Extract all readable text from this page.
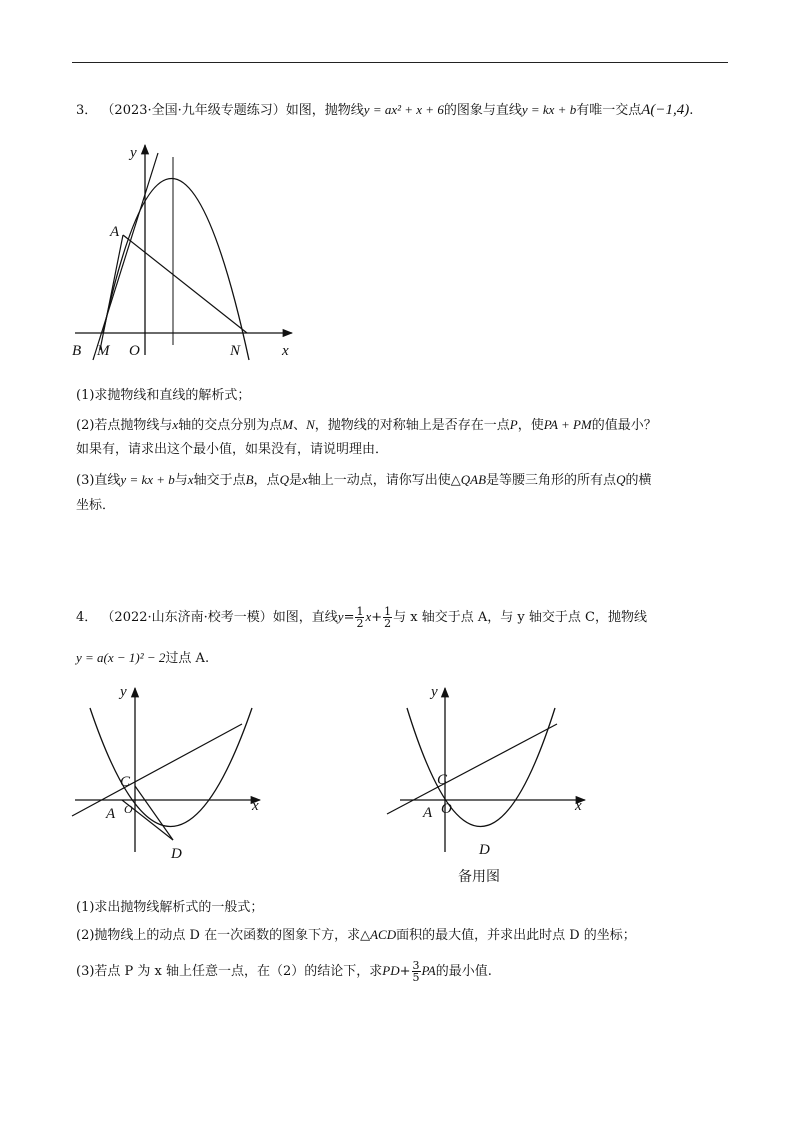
3． （2023·全国·九年级专题练习）如图，抛物线y = ax² + x + 6的图象与直线y = kx + b有唯一交点A(−1,4).
y
A
B M O	N	x
(1)求抛物线和直线的解析式；
(2)若点抛物线与x轴的交点分别为点M、N，抛物线的对称轴上是否存在一点P，使PA + PM的值最小？
如果有，请求出这个最小值，如果没有，请说明理由．
(3)直线y = kx + b与x轴交于点B，点Q是x轴上一动点，请你写出使△QAB是等腰三角形的所有点Q的横
坐标．
4． （2022·山东济南·校考一模）如图，直线$y= \frac{1}{2} x+ \frac{1}{2}$ 与 x 轴交于点 A，与 y 轴交于点 C，抛物线
y = a(x − 1)² − 2过点 A.
y
C
A O	x
D
y
C
A O	x
D
备用图
(1)求出抛物线解析式的一般式；
(2)抛物线上的动点 D 在一次函数的图象下方，求△ACD面积的最大值，并求出此时点 D 的坐标；
(3)若点 P 为 x 轴上任意一点，在（2）的结论下，求$PD+ \frac{3}{5}$ PA的最小值.
